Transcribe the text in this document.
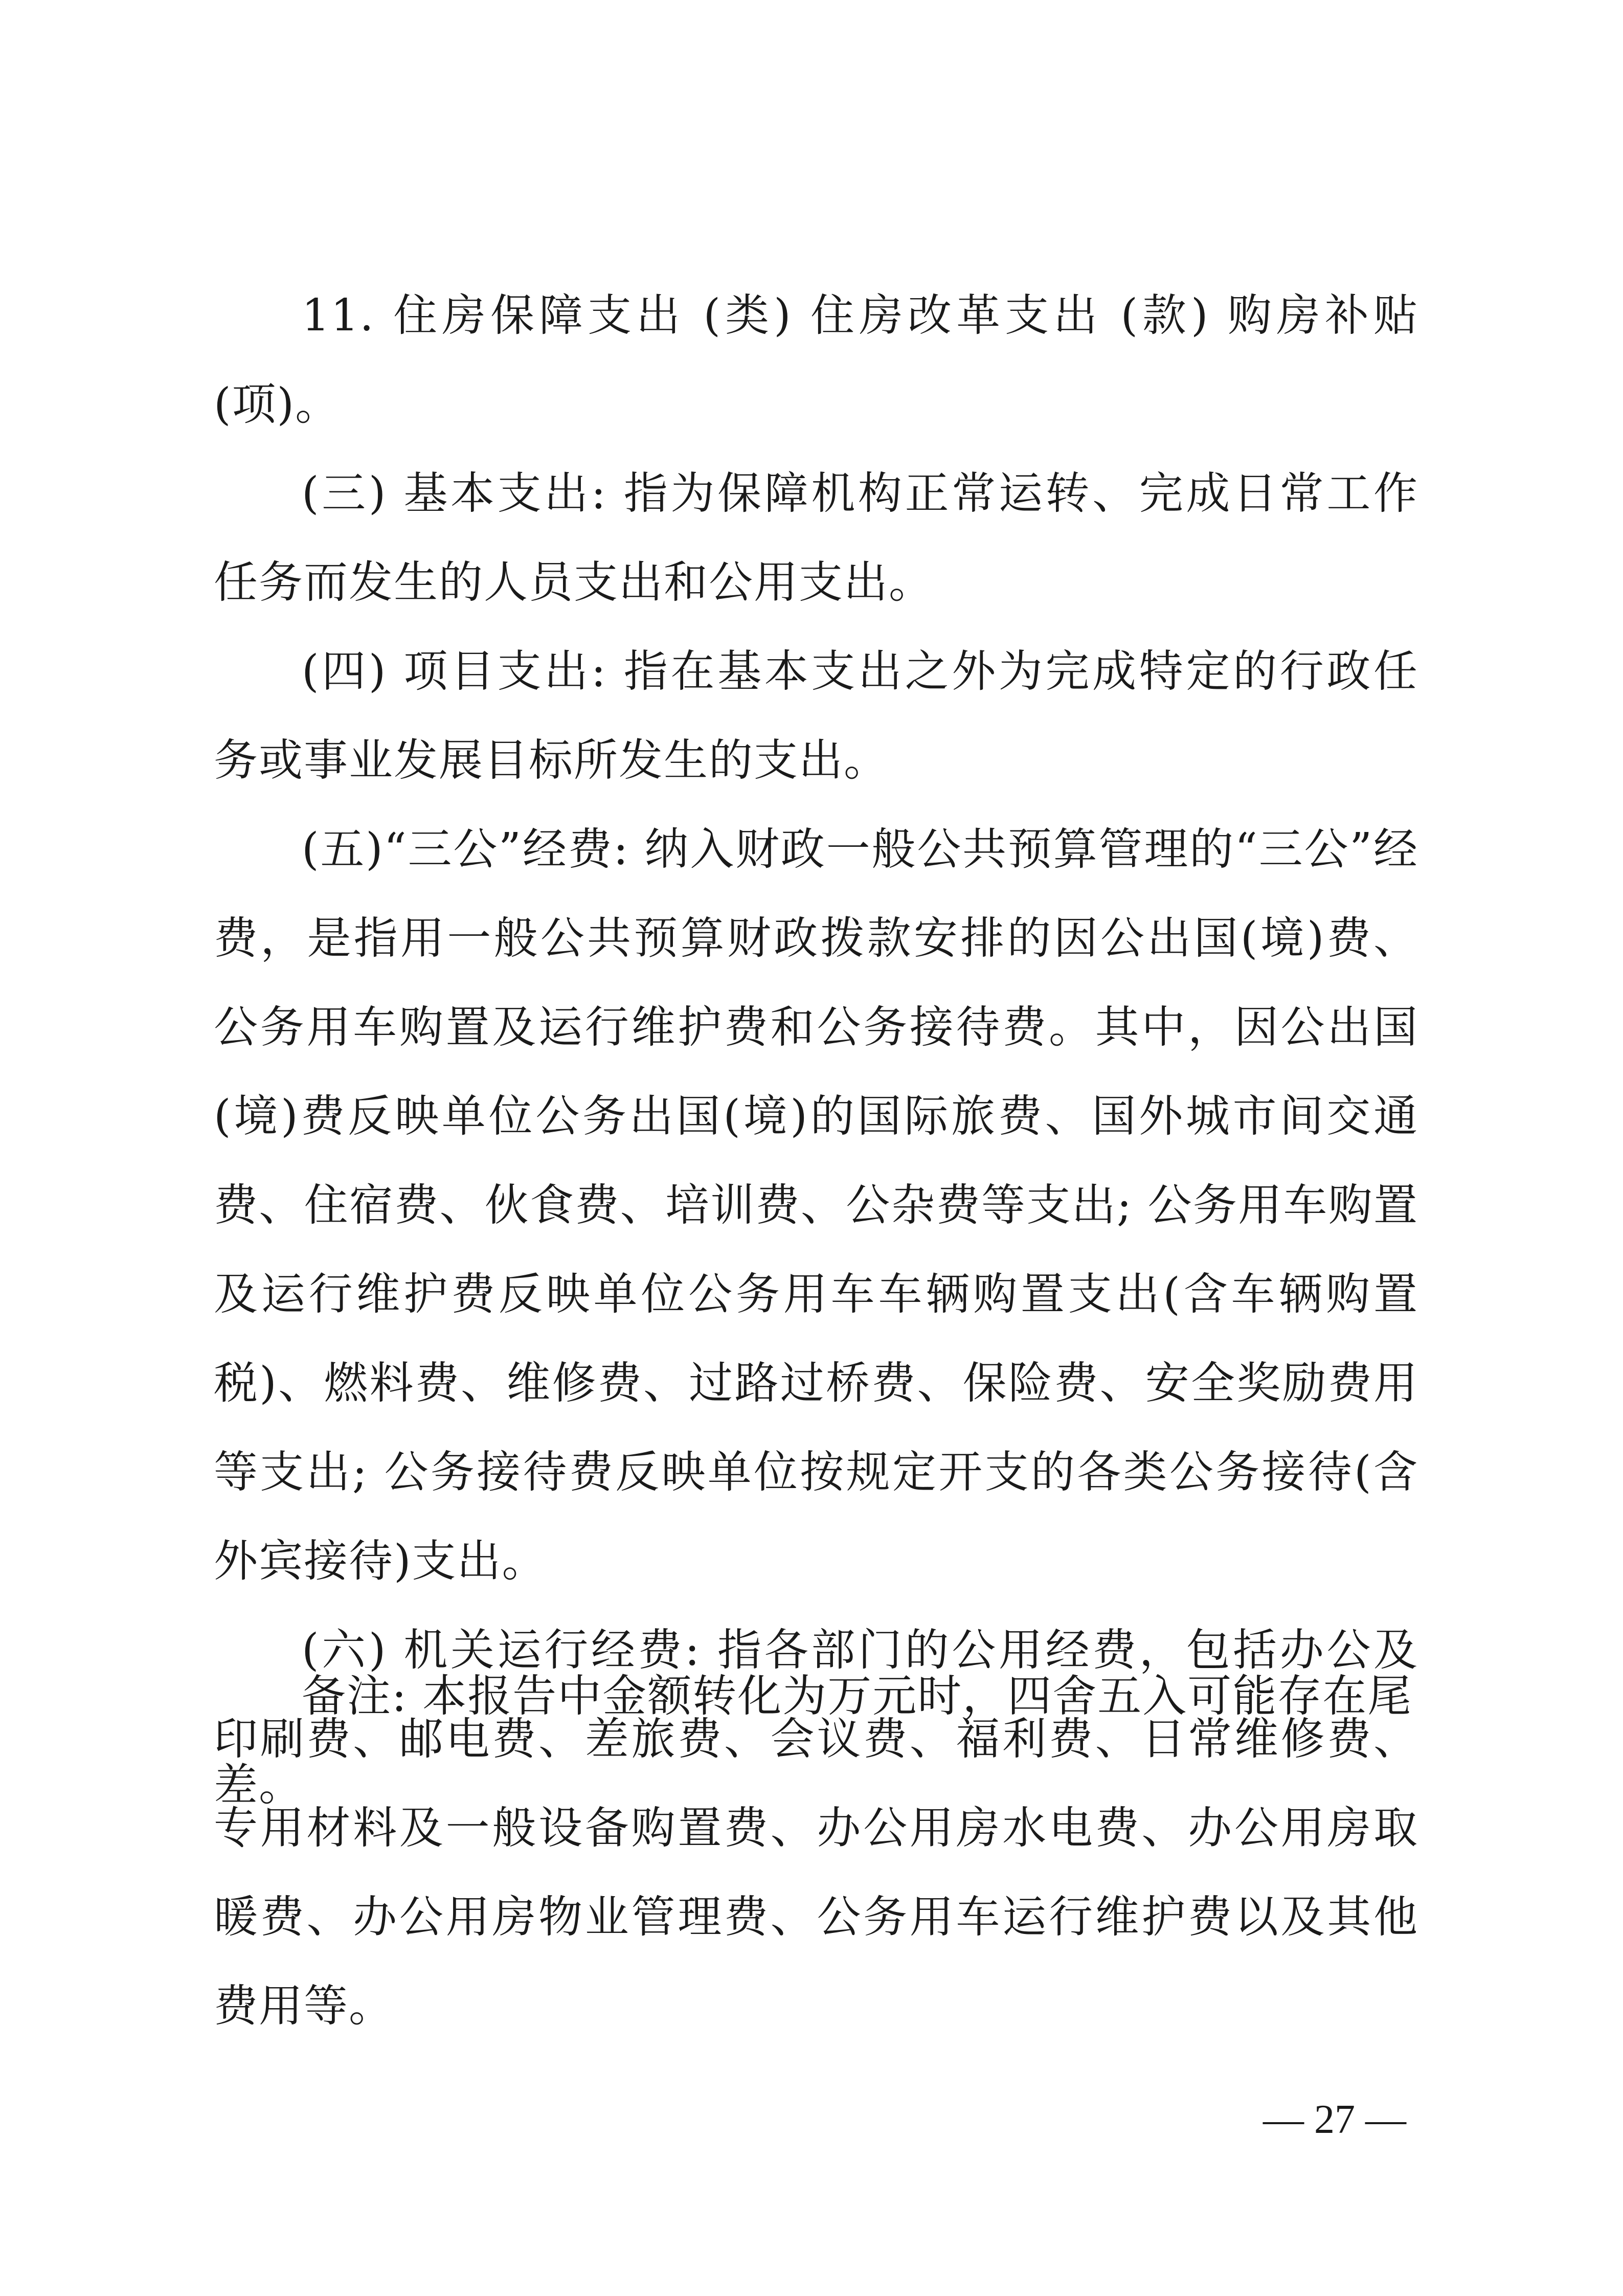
11. 住房保障支出 (类) 住房改革支出 (款) 购房补贴 (项)。

(三) 基本支出: 指为保障机构正常运转、完成日常工作任务而发生的人员支出和公用支出。

(四) 项目支出: 指在基本支出之外为完成特定的行政任务或事业发展目标所发生的支出。

(五)“三公”经费: 纳入财政一般公共预算管理的“三公”经费，是指用一般公共预算财政拨款安排的因公出国(境)费、公务用车购置及运行维护费和公务接待费。其中，因公出国(境)费反映单位公务出国(境)的国际旅费、国外城市间交通费、住宿费、伙食费、培训费、公杂费等支出; 公务用车购置及运行维护费反映单位公务用车车辆购置支出(含车辆购置税)、燃料费、维修费、过路过桥费、保险费、安全奖励费用等支出; 公务接待费反映单位按规定开支的各类公务接待(含外宾接待)支出。

(六) 机关运行经费: 指各部门的公用经费，包括办公及印刷费、邮电费、差旅费、会议费、福利费、日常维修费、专用材料及一般设备购置费、办公用房水电费、办公用房取暖费、办公用房物业管理费、公务用车运行维护费以及其他费用等。

备注: 本报告中金额转化为万元时，四舍五入可能存在尾差。

— 27 —
